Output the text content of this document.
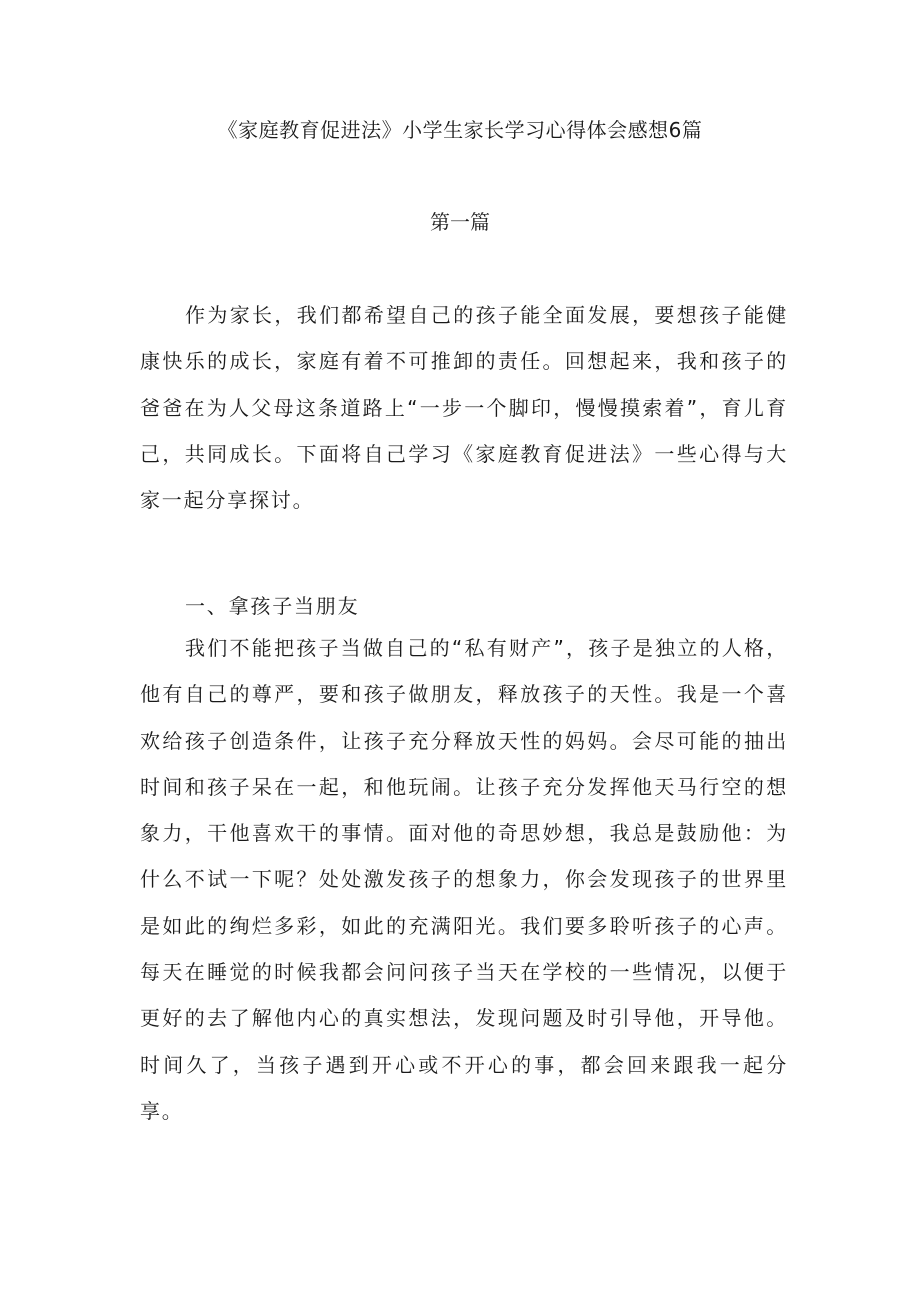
《家庭教育促进法》小学生家长学习心得体会感想6篇
第一篇

作为家长，我们都希望自己的孩子能全面发展，要想孩子能健康快乐的成长，家庭有着不可推卸的责任。回想起来，我和孩子的爸爸在为人父母这条道路上“一步一个脚印，慢慢摸索着”，育儿育己，共同成长。下面将自己学习《家庭教育促进法》一些心得与大家一起分享探讨。

一、拿孩子当朋友

我们不能把孩子当做自己的“私有财产”，孩子是独立的人格，他有自己的尊严，要和孩子做朋友，释放孩子的天性。我是一个喜欢给孩子创造条件，让孩子充分释放天性的妈妈。会尽可能的抽出时间和孩子呆在一起，和他玩闹。让孩子充分发挥他天马行空的想象力，干他喜欢干的事情。面对他的奇思妙想，我总是鼓励他：为什么不试一下呢？处处激发孩子的想象力，你会发现孩子的世界里是如此的绚烂多彩，如此的充满阳光。我们要多聆听孩子的心声。每天在睡觉的时候我都会问问孩子当天在学校的一些情况，以便于更好的去了解他内心的真实想法，发现问题及时引导他，开导他。时间久了，当孩子遇到开心或不开心的事，都会回来跟我一起分享。
